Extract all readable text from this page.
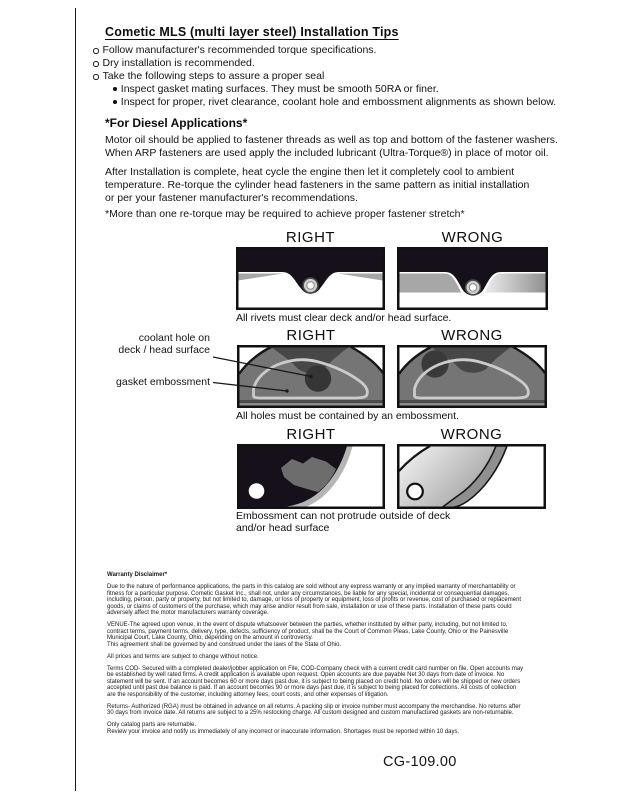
Cometic MLS (multi layer steel) Installation Tips
Follow manufacturer's recommended torque specifications.
Dry installation is recommended.
Take the following steps to assure a proper seal
Inspect gasket mating surfaces. They must be smooth 50RA or finer.
Inspect for proper, rivet clearance, coolant hole and embossment alignments as shown below.
*For Diesel Applications*
Motor oil should be applied to fastener threads as well as top and bottom of the fastener washers.
When ARP fasteners are used apply the included lubricant (Ultra-Torque®) in place of motor oil.
After Installation is complete, heat cycle the engine then let it completely cool to ambient
temperature. Re-torque the cylinder head fasteners in the same pattern as initial installation
or per your fastener manufacturer's recommendations.
*More than one re-torque may be required to achieve proper fastener stretch*
RIGHT	WRONG
All rivets must clear deck and/or head surface.
RIGHT	WRONG
All holes must be contained by an embossment.
coolant hole on
deck / head surface
gasket embossment
RIGHT	WRONG
Embossment can not protrude outside of deck
and/or head surface
Warranty Disclaimer*
Due to the nature of performance applications, the parts in this catalog are sold without any express warranty or any implied warranty of merchantability or
fitness for a particular purpose. Cometic Gasket Inc., shall not, under any circumstances, be liable for any special, incidental or consequential damages,
including, person, party or property, but not limited to, damage, or loss of property or equipment, loss of profits or revenue, cost of purchased or replacement
goods, or claims of customers of the purchase, which may arise and/or result from sale, installation or use of these parts. Installation of these parts could
adversely affect the motor manufacturers warranty coverage.
VENUE-The agreed upon venue, in the event of dispute whatsoever between the parties, whether instituted by either party, including, but not limited to,
contract terms, payment terms, delivery, type, defects, sufficiency of product, shall be the Court of Common Pleas, Lake County, Ohio or the Painesville
Municipal Court, Lake County, Ohio, depending on the amount in controversy.
This agreement shall be governed by and construed under the laws of the State of Ohio.
All prices and terms are subject to change without notice.
Terms COD- Secured with a completed dealer/jobber application on File, COD-Company check with a current credit card number on file. Open accounts may
be established by well rated firms. A credit application is available upon request. Open accounts are due payable Net 30 days from date of invoice. No
statement will be sent. If an account becomes 60 or more days past due, it is subject to being placed on credit hold. No orders will be shipped or new orders
accepted until past due balance is paid. If an account becomes 90 or more days past due, it is subject to being placed for collections. All costs of collection
are the responsibility of the customer, including attorney fees, court costs, and other expenses of litigation.
Returns- Authorized (RGA) must be obtained in advance on all returns. A packing slip or invoice number must accompany the merchandise. No returns after
30 days from invoice date. All returns are subject to a 25% restocking charge. All custom designed and custom manufactured gaskets are non-returnable.
Only catalog parts are returnable.
Review your invoice and notify us immediately of any incorrect or inaccurate information. Shortages must be reported within 10 days.
CG-109.00
